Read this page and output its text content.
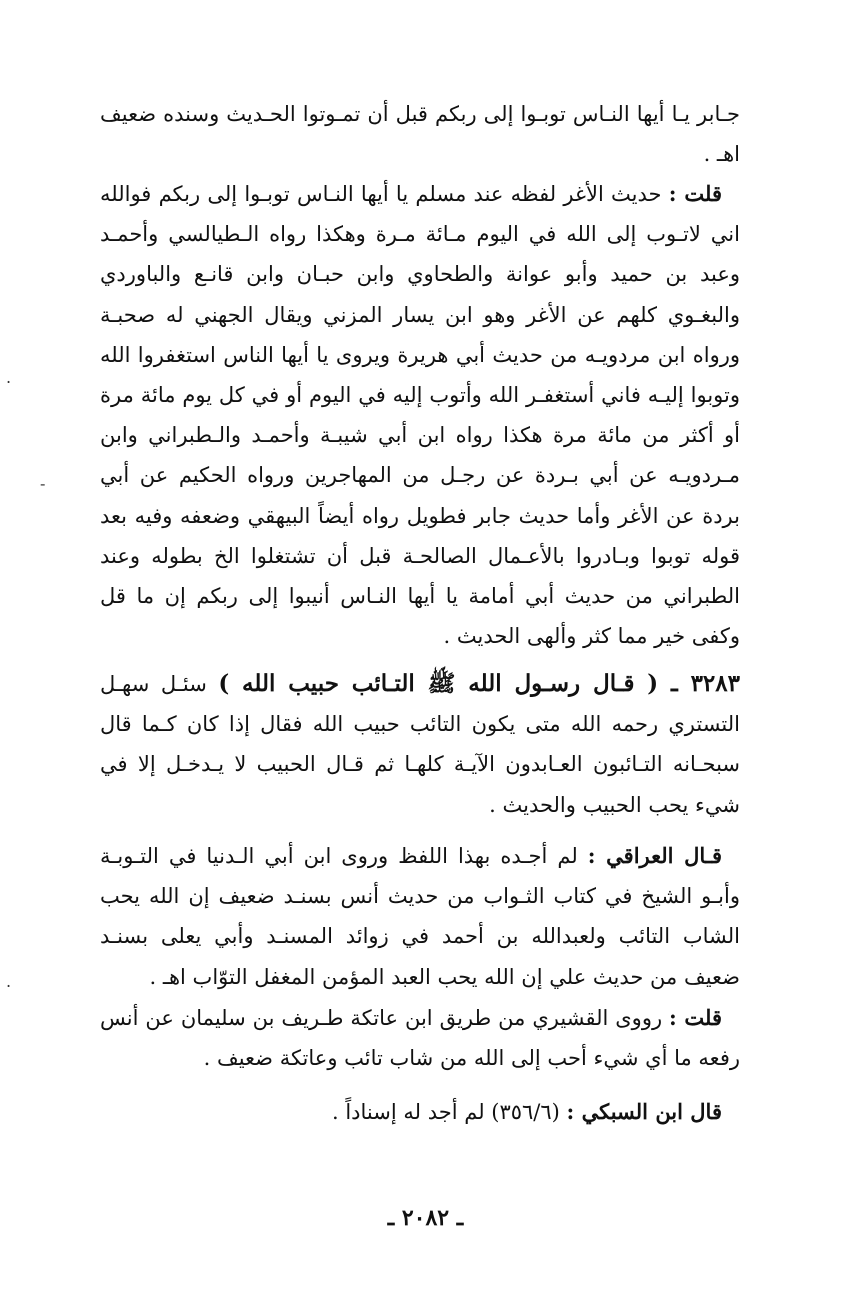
جـابر يـا أيها النـاس توبـوا إلى ربكم قبل أن تمـوتوا الحـديث وسنده ضعيف اهـ .

قلت : حديث الأغر لفظه عند مسلم يا أيها النـاس توبـوا إلى ربكم فوالله اني لاتـوب إلى الله في اليوم مـائة مـرة وهكذا رواه الـطيالسي وأحمـد وعبد بن حميد وأبو عوانة والطحاوي وابن حبـان وابن قانـع والباوردي والبغـوي كلهم عن الأغر وهو ابن يسار المزني ويقال الجهني له صحبـة ورواه ابن مردويـه من حديث أبي هريرة ويروى يا أيها الناس استغفروا الله وتوبوا إليـه فاني أستغفـر الله وأتوب إليه في اليوم أو في كل يوم مائة مرة أو أكثر من مائة مرة هكذا رواه ابن أبي شيبـة وأحمـد والـطبراني وابن مـردويـه عن أبي بـردة عن رجـل من المهاجرين ورواه الحكيم عن أبي بردة عن الأغر وأما حديث جابر فطويل رواه أيضاً البيهقي وضعفه وفيه بعد قوله توبوا وبـادروا بالأعـمال الصالحـة قبل أن تشتغلوا الخ بطوله وعند الطبراني من حديث أبي أمامة يا أيها النـاس أنيبوا إلى ربكم إن ما قل وكفى خير مما كثر وألهى الحديث .

٣٢٨٣ ـ ( قـال رسـول الله ﷺ التـائب حبيب الله ) سئـل سهـل التستري رحمه الله متى يكون التائب حبيب الله فقال إذا كان كـما قال سبحـانه التـائبون العـابدون الآيـة كلهـا ثم قـال الحبيب لا يـدخـل إلا في شيء يحب الحبيب والحديث .

قـال العراقي : لم أجـده بهذا اللفظ وروى ابن أبي الـدنيا في التـوبـة وأبـو الشيخ في كتاب الثـواب من حديث أنس بسنـد ضعيف إن الله يحب الشاب التائب ولعبدالله بن أحمد في زوائد المسنـد وأبي يعلى بسنـد ضعيف من حديث علي إن الله يحب العبد المؤمن المغفل التوّاب اهـ .

قلت : رووى القشيري من طريق ابن عاتكة طـريف بن سليمان عن أنس رفعه ما أي شيء أحب إلى الله من شاب تائب وعاتكة ضعيف .

قال ابن السبكي : (٣٥٦/٦) لم أجد له إسناداً .

ـ ٢٠٨٢ ـ
.
.
-
